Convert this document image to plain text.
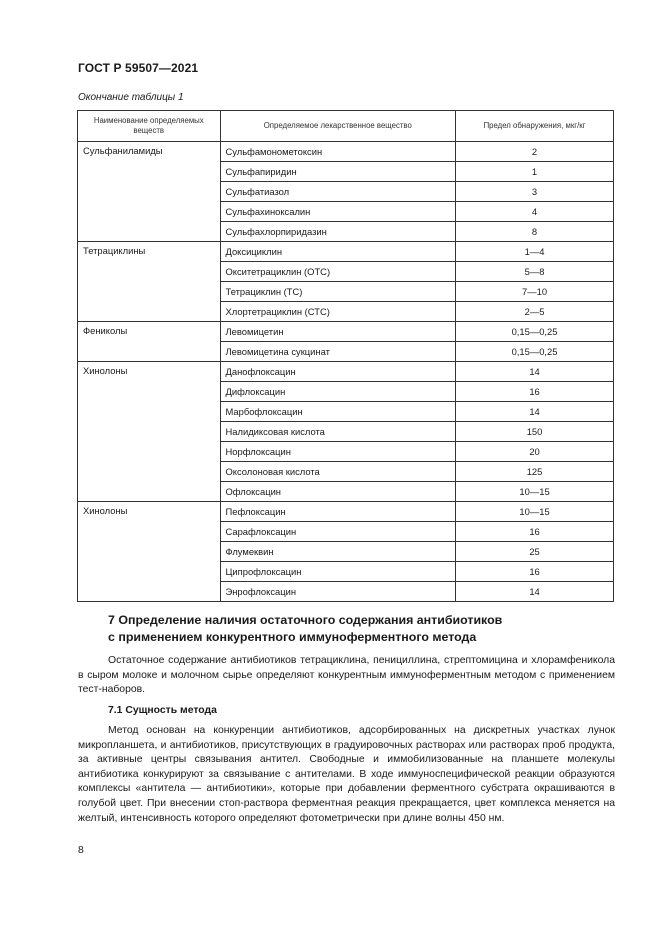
ГОСТ Р 59507—2021
Окончание таблицы 1
Наименование определяемых веществ	Определяемое лекарственное вещество	Предел обнаружения, мкг/кг
Сульфаниламиды	Сульфамонометоксин	2
	Сульфапиридин	1
	Сульфатиазол	3
	Сульфахиноксалин	4
	Сульфахлорпиридазин	8
Тетрациклины	Доксициклин	1—4
	Окситетрациклин (ОТС)	5—8
	Тетрациклин (ТС)	7—10
	Хлортетрациклин (СТС)	2—5
Фениколы	Левомицетин	0,15—0,25
	Левомицетина сукцинат	0,15—0,25
Хинолоны	Данофлоксацин	14
	Дифлоксацин	16
	Марбофлоксацин	14
	Налидиксовая кислота	150
	Норфлоксацин	20
	Оксолоновая кислота	125
	Офлоксацин	10—15
Хинолоны	Пефлоксацин	10—15
	Сарафлоксацин	16
	Флумеквин	25
	Ципрофлоксацин	16
	Энрофлоксацин	14
7 Определение наличия остаточного содержания антибиотиков
с применением конкурентного иммуноферментного метода
Остаточное содержание антибиотиков тетрациклина, пенициллина, стрептомицина и хлорамфеникола в сыром молоке и молочном сырье определяют конкурентным иммуноферментным методом с применением тест-наборов.
7.1 Сущность метода
Метод основан на конкуренции антибиотиков, адсорбированных на дискретных участках лунок микропланшета, и антибиотиков, присутствующих в градуировочных растворах или растворах проб продукта, за активные центры связывания антител. Свободные и иммобилизованные на планшете молекулы антибиотика конкурируют за связывание с антителами. В ходе иммуноспецифической реакции образуются комплексы «антитела — антибиотики», которые при добавлении ферментного субстрата окрашиваются в голубой цвет. При внесении стоп-раствора ферментная реакция прекращается, цвет комплекса меняется на желтый, интенсивность которого определяют фотометрически при длине волны 450 нм.
8
